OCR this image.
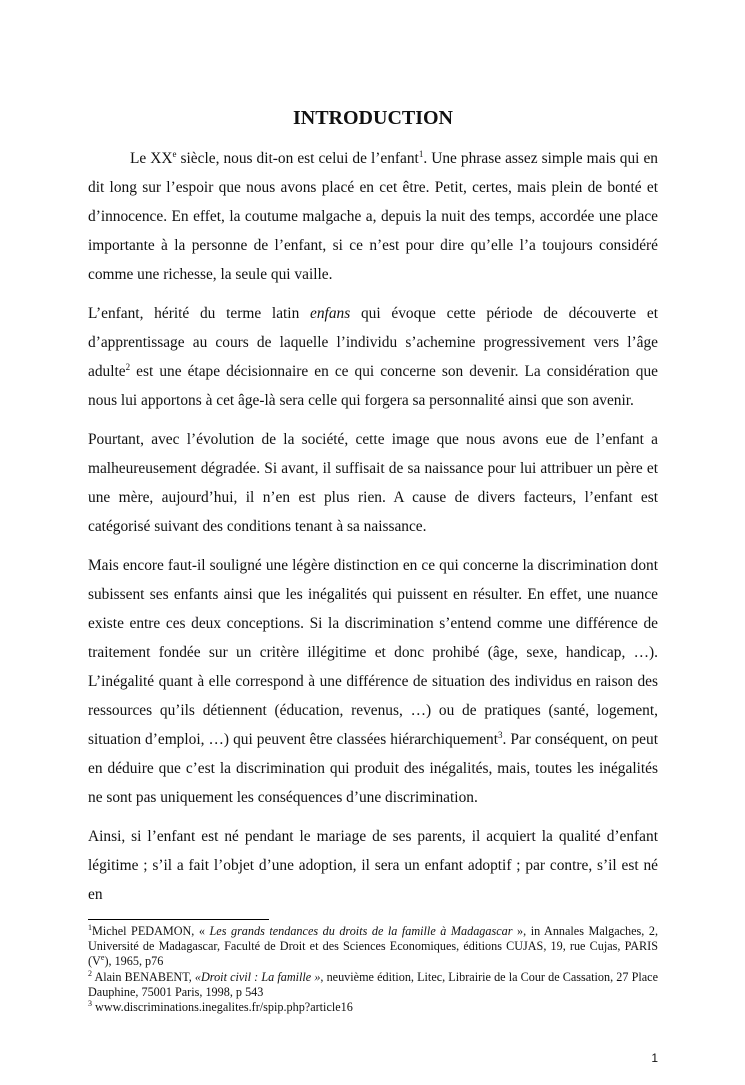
INTRODUCTION

Le XXe siècle, nous dit-on est celui de l’enfant$^1$. Une phrase assez simple mais qui en dit long sur l’espoir que nous avons placé en cet être. Petit, certes, mais plein de bonté et d’innocence. En effet, la coutume malgache a, depuis la nuit des temps, accordée une place importante à la personne de l’enfant, si ce n’est pour dire qu’elle l’a toujours considéré comme une richesse, la seule qui vaille.

L’enfant, hérité du terme latin enfans qui évoque cette période de découverte et d’apprentissage au cours de laquelle l’individu s’achemine progressivement vers l’âge adulte$^2$ est une étape décisionnaire en ce qui concerne son devenir. La considération que nous lui apportons à cet âge-là sera celle qui forgera sa personnalité ainsi que son avenir.

Pourtant, avec l’évolution de la société, cette image que nous avons eue de l’enfant a malheureusement dégradée. Si avant, il suffisait de sa naissance pour lui attribuer un père et une mère, aujourd’hui, il n’en est plus rien. A cause de divers facteurs, l’enfant est catégorisé suivant des conditions tenant à sa naissance.

Mais encore faut-il souligné une légère distinction en ce qui concerne la discrimination dont subissent ses enfants ainsi que les inégalités qui puissent en résulter. En effet, une nuance existe entre ces deux conceptions. Si la discrimination s’entend comme une différence de traitement fondée sur un critère illégitime et donc prohibé (âge, sexe, handicap, …). L’inégalité quant à elle correspond à une différence de situation des individus en raison des ressources qu’ils détiennent (éducation, revenus, …) ou de pratiques (santé, logement, situation d’emploi, …) qui peuvent être classées hiérarchiquement$^3$. Par conséquent, on peut en déduire que c’est la discrimination qui produit des inégalités, mais, toutes les inégalités ne sont pas uniquement les conséquences d’une discrimination.

Ainsi, si l’enfant est né pendant le mariage de ses parents, il acquiert la qualité d’enfant légitime ; s’il a fait l’objet d’une adoption, il sera un enfant adoptif ; par contre, s’il est né en

$^1$Michel PEDAMON, « Les grands tendances du droits de la famille à Madagascar », in Annales Malgaches, 2, Université de Madagascar, Faculté de Droit et des Sciences Economiques, éditions CUJAS, 19, rue Cujas, PARIS (Ve), 1965, p76

$^2$ Alain BENABENT, «Droit civil : La famille », neuvième édition, Litec, Librairie de la Cour de Cassation, 27 Place Dauphine, 75001 Paris, 1998, p 543

$^3$ www.discriminations.inegalites.fr/spip.php?article16

1
